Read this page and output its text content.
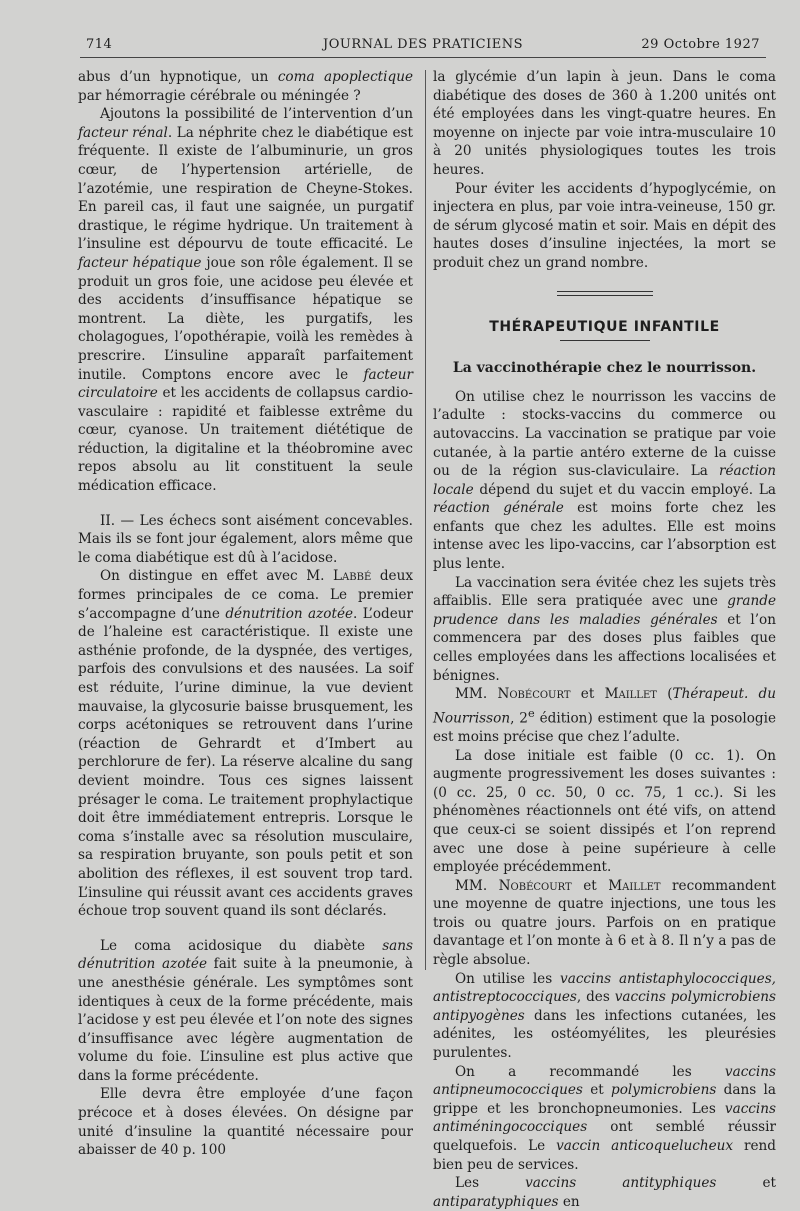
714	JOURNAL DES PRATICIENS	29 Octobre 1927

abus d’un hypnotique, un coma apoplectique par hémorragie cérébrale ou méningée ?

Ajoutons la possibilité de l’intervention d’un facteur rénal. La néphrite chez le diabétique est fréquente. Il existe de l’albuminurie, un gros cœur, de l’hypertension artérielle, de l’azotémie, une respiration de Cheyne-Stokes. En pareil cas, il faut une saignée, un purgatif drastique, le régime hydrique. Un traitement à l’insuline est dépourvu de toute efficacité. Le facteur hépatique joue son rôle également. Il se produit un gros foie, une acidose peu élevée et des accidents d’insuffisance hépatique se montrent. La diète, les purgatifs, les cholagogues, l’opothérapie, voilà les remèdes à prescrire. L’insuline apparaît parfaitement inutile. Comptons encore avec le facteur circulatoire et les accidents de collapsus cardio-vasculaire : rapidité et faiblesse extrême du cœur, cyanose. Un traitement diététique de réduction, la digitaline et la théobromine avec repos absolu au lit constituent la seule médication efficace.

II. — Les échecs sont aisément concevables. Mais ils se font jour également, alors même que le coma diabétique est dû à l’acidose.

On distingue en effet avec M. Labbé deux formes principales de ce coma. Le premier s’accompagne d’une dénutrition azotée. L’odeur de l’haleine est caractéristique. Il existe une asthénie profonde, de la dyspnée, des vertiges, parfois des convulsions et des nausées. La soif est réduite, l’urine diminue, la vue devient mauvaise, la glycosurie baisse brusquement, les corps acétoniques se retrouvent dans l’urine (réaction de Gehrardt et d’Imbert au perchlorure de fer). La réserve alcaline du sang devient moindre. Tous ces signes laissent présager le coma. Le traitement prophylactique doit être immédiatement entrepris. Lorsque le coma s’installe avec sa résolution musculaire, sa respiration bruyante, son pouls petit et son abolition des réflexes, il est souvent trop tard. L’insuline qui réussit avant ces accidents graves échoue trop souvent quand ils sont déclarés.

Le coma acidosique du diabète sans dénutrition azotée fait suite à la pneumonie, à une anesthésie générale. Les symptômes sont identiques à ceux de la forme précédente, mais l’acidose y est peu élevée et l’on note des signes d’insuffisance avec légère augmentation de volume du foie. L’insuline est plus active que dans la forme précédente.

Elle devra être employée d’une façon précoce et à doses élevées. On désigne par unité d’insuline la quantité nécessaire pour abaisser de 40 p. 100

la glycémie d’un lapin à jeun. Dans le coma diabétique des doses de 360 à 1.200 unités ont été employées dans les vingt-quatre heures. En moyenne on injecte par voie intra-musculaire 10 à 20 unités physiologiques toutes les trois heures.

Pour éviter les accidents d’hypoglycémie, on injectera en plus, par voie intra-veineuse, 150 gr. de sérum glycosé matin et soir. Mais en dépit des hautes doses d’insuline injectées, la mort se produit chez un grand nombre.

THÉRAPEUTIQUE INFANTILE
La vaccinothérapie chez le nourrisson.

On utilise chez le nourrisson les vaccins de l’adulte : stocks-vaccins du commerce ou autovaccins. La vaccination se pratique par voie cutanée, à la partie antéro externe de la cuisse ou de la région sus-claviculaire. La réaction locale dépend du sujet et du vaccin employé. La réaction générale est moins forte chez les enfants que chez les adultes. Elle est moins intense avec les lipo-vaccins, car l’absorption est plus lente.

La vaccination sera évitée chez les sujets très affaiblis. Elle sera pratiquée avec une grande prudence dans les maladies générales et l’on commencera par des doses plus faibles que celles employées dans les affections localisées et bénignes.

MM. Nobécourt et Maillet (Thérapeut. du Nourrisson, 2e édition) estiment que la posologie est moins précise que chez l’adulte.

La dose initiale est faible (0 cc. 1). On augmente progressivement les doses suivantes : (0 cc. 25, 0 cc. 50, 0 cc. 75, 1 cc.). Si les phénomènes réactionnels ont été vifs, on attend que ceux-ci se soient dissipés et l’on reprend avec une dose à peine supérieure à celle employée précédemment.

MM. Nobécourt et Maillet recommandent une moyenne de quatre injections, une tous les trois ou quatre jours. Parfois on en pratique davantage et l’on monte à 6 et à 8. Il n’y a pas de règle absolue.

On utilise les vaccins antistaphylococciques, antistreptococciques, des vaccins polymicrobiens antipyogènes dans les infections cutanées, les adénites, les ostéomyélites, les pleurésies purulentes.

On a recommandé les vaccins antipneumococciques et polymicrobiens dans la grippe et les bronchopneumonies. Les vaccins antiméningococciques ont semblé réussir quelquefois. Le vaccin anticoquelucheux rend bien peu de services.

Les vaccins antityphiques et antiparatyphiques en
